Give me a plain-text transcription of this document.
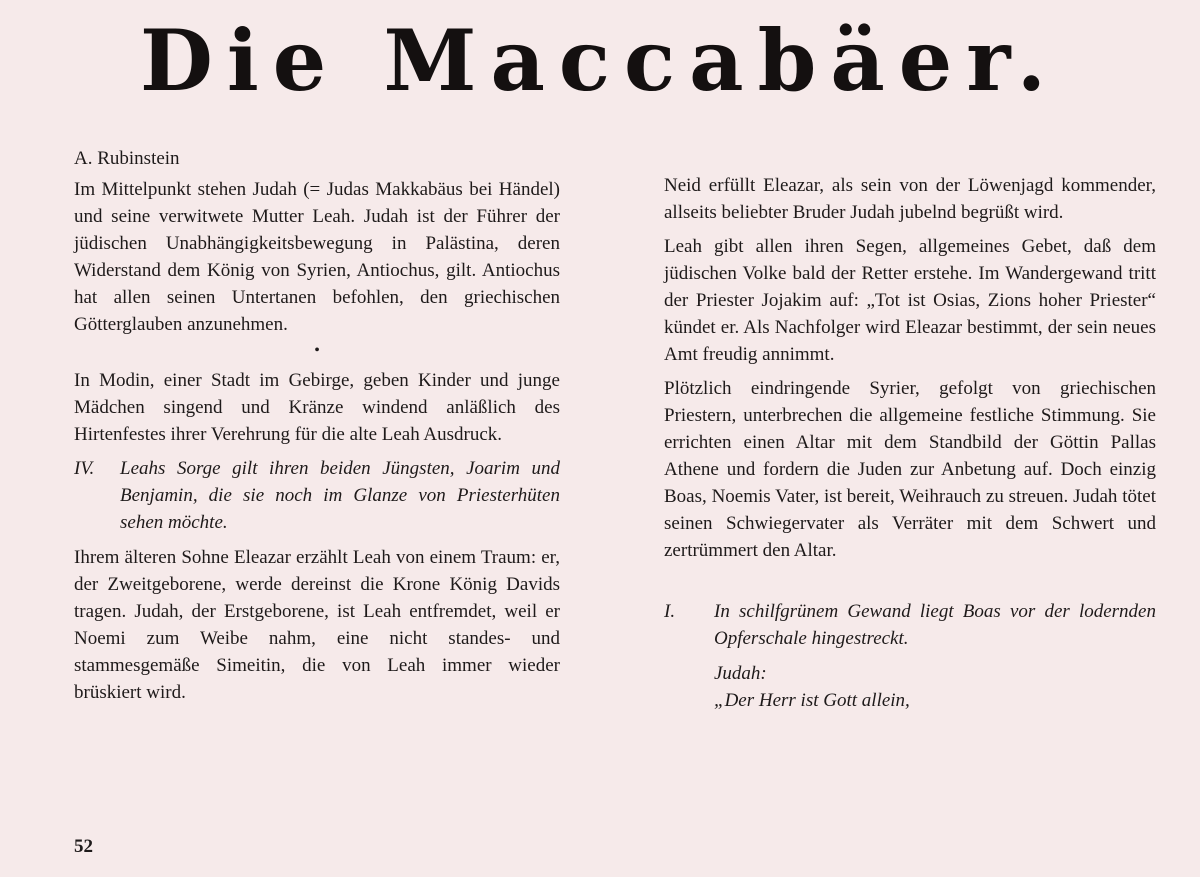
Die Maccabäer.
A. Rubinstein

Im Mittelpunkt stehen Judah (= Judas Makkabäus bei Händel) und seine verwitwete Mutter Leah. Judah ist der Führer der jüdischen Unabhängigkeitsbewegung in Palästina, deren Widerstand dem König von Syrien, Antiochus, gilt. Antiochus hat allen seinen Untertanen befohlen, den griechischen Götterglauben anzunehmen.

•

In Modin, einer Stadt im Gebirge, geben Kinder und junge Mädchen singend und Kränze windend anläßlich des Hirtenfestes ihrer Verehrung für die alte Leah Ausdruck.

IV.	Leahs Sorge gilt ihren beiden Jüngsten, Joarim und Benjamin, die sie noch im Glanze von Priesterhüten sehen möchte.

Ihrem älteren Sohne Eleazar erzählt Leah von einem Traum: er, der Zweitgeborene, werde dereinst die Krone König Davids tragen. Judah, der Erstgeborene, ist Leah entfremdet, weil er Noemi zum Weibe nahm, eine nicht standes- und stammesgemäße Simeitin, die von Leah immer wieder brüskiert wird.

Neid erfüllt Eleazar, als sein von der Löwenjagd kommender, allseits beliebter Bruder Judah jubelnd begrüßt wird.

Leah gibt allen ihren Segen, allgemeines Gebet, daß dem jüdischen Volke bald der Retter erstehe. Im Wandergewand tritt der Priester Jojakim auf: „Tot ist Osias, Zions hoher Priester“ kündet er. Als Nachfolger wird Eleazar bestimmt, der sein neues Amt freudig annimmt.

Plötzlich eindringende Syrier, gefolgt von griechischen Priestern, unterbrechen die allgemeine festliche Stimmung. Sie errichten einen Altar mit dem Standbild der Göttin Pallas Athene und fordern die Juden zur Anbetung auf. Doch einzig Boas, Noemis Vater, ist bereit, Weihrauch zu streuen. Judah tötet seinen Schwiegervater als Verräter mit dem Schwert und zertrümmert den Altar.

I.	In schilfgrünem Gewand liegt Boas vor der lodernden Opferschale hingestreckt.
Judah:
„Der Herr ist Gott allein,
52
